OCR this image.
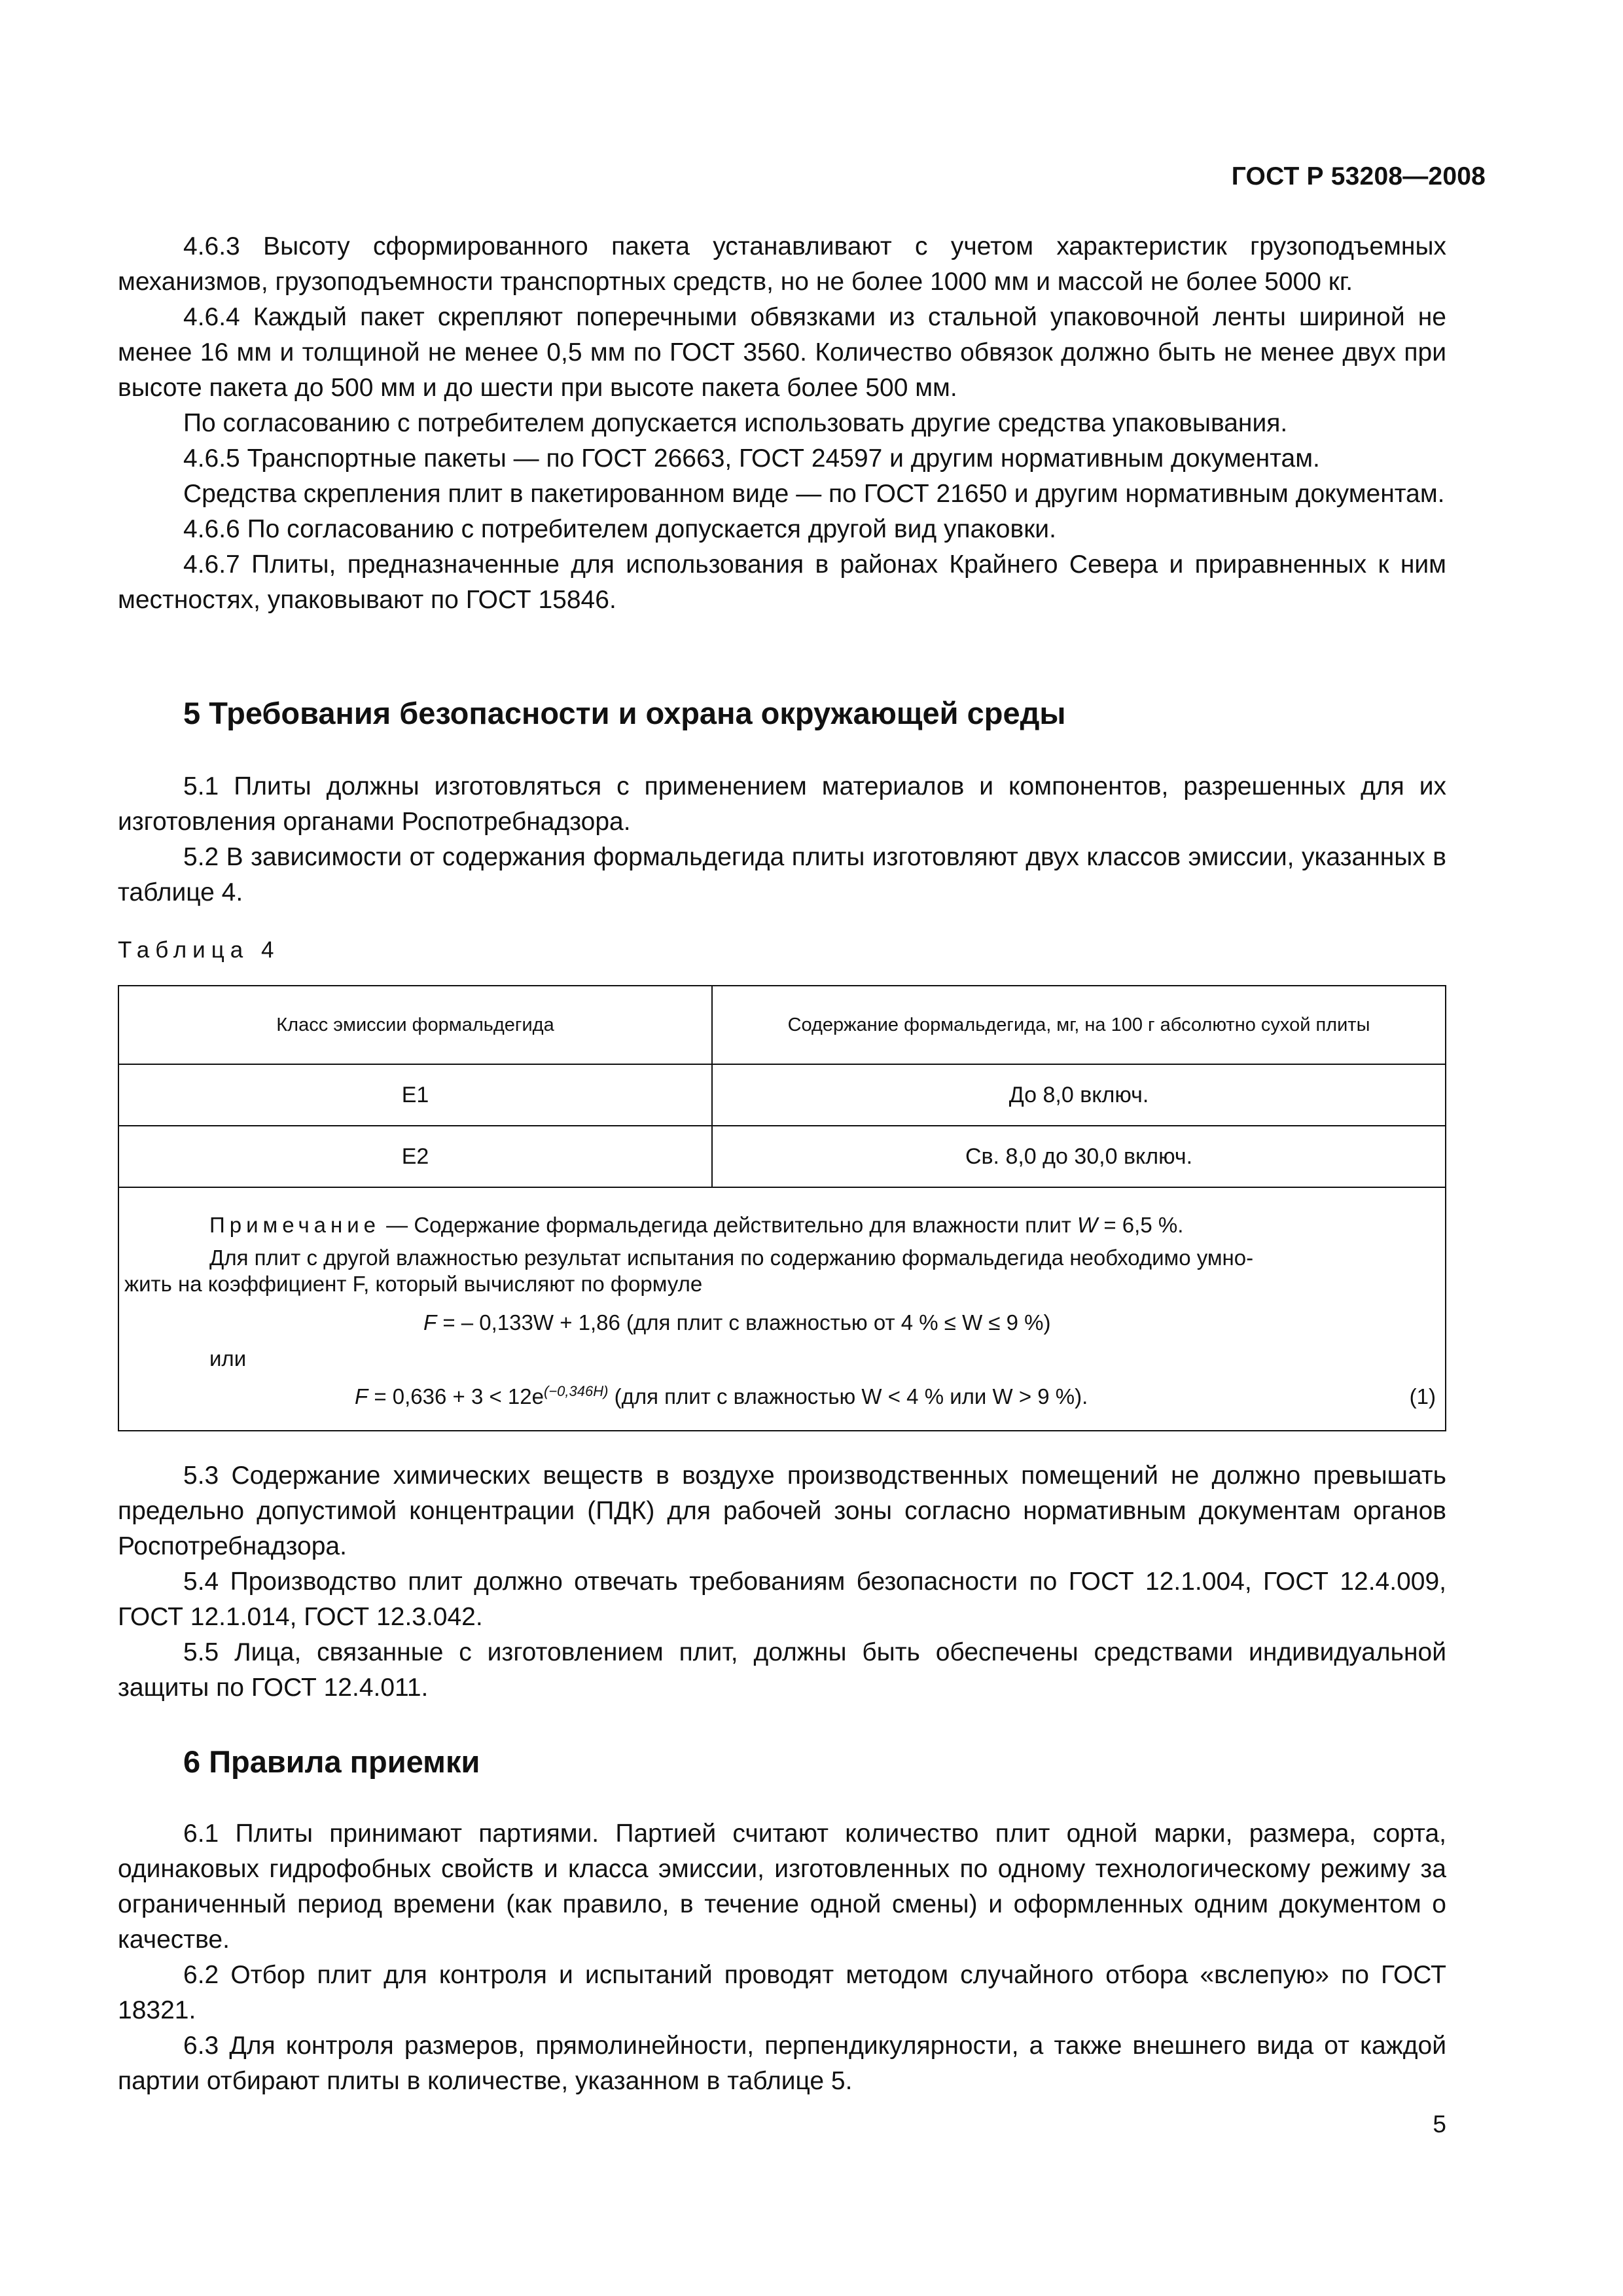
ГОСТ Р 53208—2008

4.6.3 Высоту сформированного пакета устанавливают с учетом характеристик грузоподъемных механизмов, грузоподъемности транспортных средств, но не более 1000 мм и массой не более 5000 кг.

4.6.4 Каждый пакет скрепляют поперечными обвязками из стальной упаковочной ленты шириной не менее 16 мм и толщиной не менее 0,5 мм по ГОСТ 3560. Количество обвязок должно быть не менее двух при высоте пакета до 500 мм и до шести при высоте пакета более 500 мм.

По согласованию с потребителем допускается использовать другие средства упаковывания.

4.6.5 Транспортные пакеты — по ГОСТ 26663, ГОСТ 24597 и другим нормативным документам.

Средства скрепления плит в пакетированном виде — по ГОСТ 21650 и другим нормативным документам.

4.6.6 По согласованию с потребителем допускается другой вид упаковки.

4.6.7 Плиты, предназначенные для использования в районах Крайнего Севера и приравненных к ним местностях, упаковывают по ГОСТ 15846.

5 Требования безопасности и охрана окружающей среды

5.1 Плиты должны изготовляться с применением материалов и компонентов, разрешенных для их изготовления органами Роспотребнадзора.

5.2 В зависимости от содержания формальдегида плиты изготовляют двух классов эмиссии, указанных в таблице 4.

Таблица 4
Класс эмиссии формальдегида	Содержание формальдегида, мг, на 100 г абсолютно сухой плиты
Е1	До 8,0 включ.
Е2	Св. 8,0 до 30,0 включ.
Примечание — Содержание формальдегида действительно для влажности плит W = 6,5 %.
Для плит с другой влажностью результат испытания по содержанию формальдегида необходимо умно-
жить на коэффициент F, который вычисляют по формуле
F = – 0,133W + 1,86 (для плит с влажностью от 4 % ≤ W ≤ 9 %)
или
$F = 0,636 + 3 < 12e^{(-0,346H)}$ (для плит с влажностью W < 4 % или W > 9 %).	(1)

5.3 Содержание химических веществ в воздухе производственных помещений не должно превышать предельно допустимой концентрации (ПДК) для рабочей зоны согласно нормативным документам органов Роспотребнадзора.

5.4 Производство плит должно отвечать требованиям безопасности по ГОСТ 12.1.004, ГОСТ 12.4.009, ГОСТ 12.1.014, ГОСТ 12.3.042.

5.5 Лица, связанные с изготовлением плит, должны быть обеспечены средствами индивидуальной защиты по ГОСТ 12.4.011.

6 Правила приемки

6.1 Плиты принимают партиями. Партией считают количество плит одной марки, размера, сорта, одинаковых гидрофобных свойств и класса эмиссии, изготовленных по одному технологическому режиму за ограниченный период времени (как правило, в течение одной смены) и оформленных одним документом о качестве.

6.2 Отбор плит для контроля и испытаний проводят методом случайного отбора «вслепую» по ГОСТ 18321.

6.3 Для контроля размеров, прямолинейности, перпендикулярности, а также внешнего вида от каждой партии отбирают плиты в количестве, указанном в таблице 5.

5
